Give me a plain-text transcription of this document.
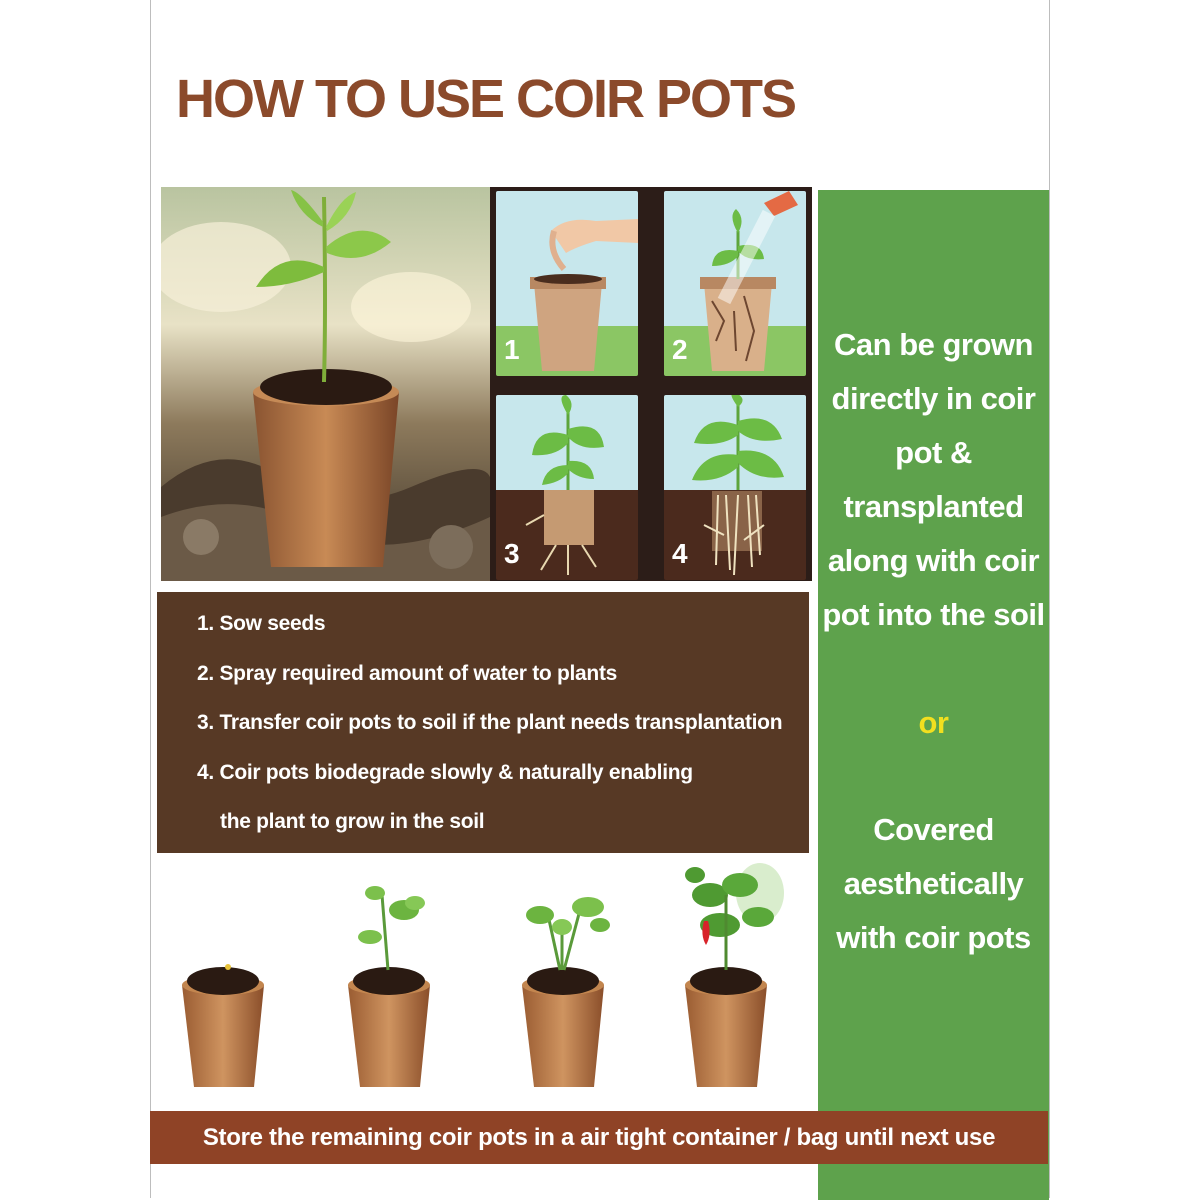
HOW TO USE COIR POTS
1	2
3	4

Can be grown

directly in coir

pot &

transplanted

along with coir

pot into the soil

or

Covered

aesthetically

with coir pots

1. Sow seeds
2. Spray required amount of water to plants
3. Transfer coir pots to soil if the plant needs transplantation
4. Coir pots biodegrade slowly & naturally enabling
the plant to grow in the soil
Store the remaining coir pots in a air tight container / bag until next use
